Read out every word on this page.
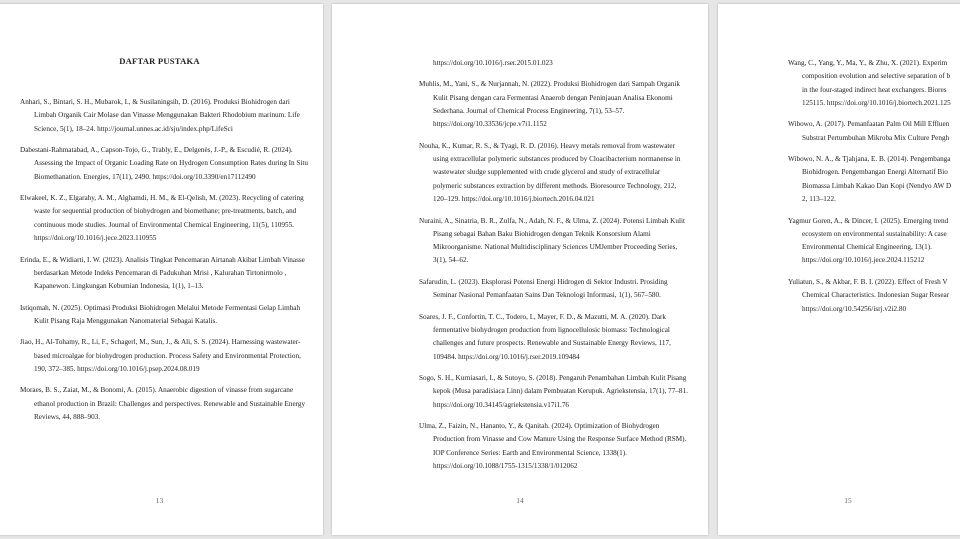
DAFTAR PUSTAKA
Anhari, S., Bintari, S. H., Mubarok, I., & Susilaningsih, D. (2016). Produksi Biohidrogen dari Limbah Organik Cair Molase dan Vinasse Menggunakan Bakteri Rhodobium marinum. Life Science, 5(1), 18–24. http://journal.unnes.ac.id/sju/index.php/LifeSci
Dabestani-Rahmatabad, A., Capson-Tojo, G., Trably, E., Delgenès, J.-P., & Escudié, R. (2024). Assessing the Impact of Organic Loading Rate on Hydrogen Consumption Rates during In Situ Biomethanation. Energies, 17(11), 2490. https://doi.org/10.3390/en17112490
Elwakeel, K. Z., Elgarahy, A. M., Alghamdi, H. M., & El-Qelish, M. (2023). Recycling of catering waste for sequential production of biohydrogen and biomethane; pre-treatments, batch, and continuous mode studies. Journal of Environmental Chemical Engineering, 11(5), 110955. https://doi.org/10.1016/j.jece.2023.110955
Erinda, E., & Widiarti, I. W. (2023). Analisis Tingkat Pencemaran Airtanah Akibat Limbah Vinasse berdasarkan Metode Indeks Pencemaran di Padukuhan Mrisi , Kalurahan Tirtonirmolo , Kapanewon. Lingkungan Kebumian Indonesia, 1(1), 1–13.
Istiqomah, N. (2025). Optimasi Produksi Biohidrogen Melalui Metode Fermentasi Gelap Limbah Kulit Pisang Raja Menggunakan Nanomaterial Sebagai Katalis.
Jiao, H., Al-Tohamy, R., Li, F., Schagerl, M., Sun, J., & Ali, S. S. (2024). Harnessing wastewater-based microalgae for biohydrogen production. Process Safety and Environmental Protection, 190, 372–385. https://doi.org/10.1016/j.psep.2024.08.019
Moraes, B. S., Zaiat, M., & Bonomi, A. (2015). Anaerobic digestion of vinasse from sugarcane ethanol production in Brazil: Challenges and perspectives. Renewable and Sustainable Energy Reviews, 44, 888–903.
13
https://doi.org/10.1016/j.rser.2015.01.023
Muhlis, M., Yani, S., & Nurjannah, N. (2022). Produksi Biohidrogen dari Sampah Organik Kulit Pisang dengan cara Fermentasi Anaerob dengan Peninjauan Analisa Ekonomi Sederhana. Journal of Chemical Process Engineering, 7(1), 53–57. https://doi.org/10.33536/jcpe.v7i1.1152
Nouha, K., Kumar, R. S., & Tyagi, R. D. (2016). Heavy metals removal from wastewater using extracellular polymeric substances produced by Cloacibacterium normanense in wastewater sludge supplemented with crude glycerol and study of extracellular polymeric substances extraction by different methods. Bioresource Technology, 212, 120–129. https://doi.org/10.1016/j.biortech.2016.04.021
Nuraini, A., Sinatria, B. R., Zulfa, N., Adah, N. F., & Ulma, Z. (2024). Potensi Limbah Kulit Pisang sebagai Bahan Baku Biohidrogen dengan Teknik Konsorsium Alami Mikroorganisme. National Multidisciplinary Sciences UMJember Proceeding Series, 3(1), 54–62.
Safarudin, L. (2023). Eksplorasi Potensi Energi Hidrogen di Sektor Industri. Prosiding Seminar Nasional Pemanfaatan Sains Dan Teknologi Informasi, 1(1), 567–580.
Soares, J. F., Confortin, T. C., Todero, I., Mayer, F. D., & Mazutti, M. A. (2020). Dark fermentative biohydrogen production from lignocellulosic biomass: Technological challenges and future prospects. Renewable and Sustainable Energy Reviews, 117, 109484. https://doi.org/10.1016/j.rser.2019.109484
Sogo, S. H., Kurniasari, I., & Sutoyo, S. (2018). Pengaruh Penambahan Limbah Kulit Pisang kepok (Musa paradisiaca Linn) dalam Pembuatan Kerupuk. Agriekstensia, 17(1), 77–81. https://doi.org/10.34145/agriekstensia.v17i1.76
Ulma, Z., Faizin, N., Hananto, Y., & Qanitah. (2024). Optimization of Biohydrogen Production from Vinasse and Cow Manure Using the Response Surface Method (RSM). IOP Conference Series: Earth and Environmental Science, 1338(1). https://doi.org/10.1088/1755-1315/1338/1/012062
14
Wang, C., Yang, Y., Ma, Y., & Zhu, X. (2021). Experim
composition evolution and selective separation of b
in the four-staged indirect heat exchangers. Biores
125115. https://doi.org/10.1016/j.biortech.2021.125
Wibowo, A. (2017). Pemanfaatan Palm Oil Mill Effluen
Substrat Pertumbuhan Mikroba Mix Culture Pengh
Wibowo, N. A., & Tjahjana, E. B. (2014). Pengembanga
Biohidrogen. Pengembangan Energi Alternatif Bio
Biomassa Limbah Kakao Dan Kopi (Nendyo AW D
2, 113–122.
Yagmur Goren, A., & Dincer, I. (2025). Emerging trend
ecosystem on environmental sustainability: A case
Environmental Chemical Engineering, 13(1).
https://doi.org/10.1016/j.jece.2024.115212
Yuliatun, S., & Akbar, F. B. I. (2022). Effect of Fresh V
Chemical Characteristics. Indonesian Sugar Resear
https://doi.org/10.54256/isrj.v2i2.80
15
